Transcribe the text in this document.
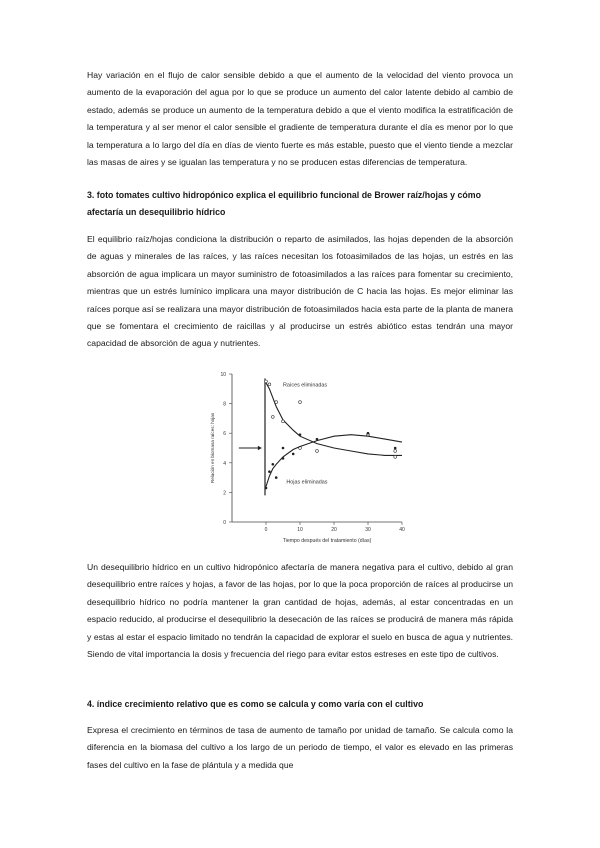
Hay variación en el flujo de calor sensible debido a que el aumento de la velocidad del viento provoca un aumento de la evaporación del agua por lo que se produce un aumento del calor latente debido al cambio de estado, además se produce un aumento de la temperatura debido a que el viento modifica la estratificación de la temperatura y al ser menor el calor sensible el gradiente de temperatura durante el día es menor por lo que la temperatura a lo largo del día en días de viento fuerte es más estable, puesto que el viento tiende a mezclar las masas de aires y se igualan las temperatura y no se producen estas diferencias de temperatura.

3. foto tomates cultivo hidropónico explica el equilibrio funcional de Brower raíz/hojas y cómo afectaría un desequilibrio hídrico

El equilibrio raíz/hojas condiciona la distribución o reparto de asimilados, las hojas dependen de la absorción de aguas y minerales de las raíces, y las raíces necesitan los fotoasimilados de las hojas, un estrés en las absorción de agua implicara un mayor suministro de fotoasimilados a las raíces para fomentar su crecimiento, mientras que un estrés lumínico implicara una mayor distribución de C hacia las hojas. Es mejor eliminar las raíces porque así se realizara una mayor distribución de fotoasimilados hacia esta parte de la planta de manera que se fomentara el crecimiento de raicillas y al producirse un estrés abiótico estas tendrán una mayor capacidad de absorción de agua y nutrientes.

0
2
4
6
8
10
0	10	20	30	40
Tiempo después del tratamiento (días)
Relación en biomasa raíces: hojas
Raíces eliminadas
Hojas eliminadas

Un desequilibrio hídrico en un cultivo hidropónico afectaría de manera negativa para el cultivo, debido al gran desequilibrio entre raíces y hojas, a favor de las hojas, por lo que la poca proporción de raíces al producirse un desequilibrio hídrico no podría mantener la gran cantidad de hojas, además, al estar concentradas en un espacio reducido, al producirse el desequilibrio la desecación de las raíces se producirá de manera más rápida y estas al estar el espacio limitado no tendrán la capacidad de explorar el suelo en busca de agua y nutrientes. Siendo de vital importancia la dosis y frecuencia del riego para evitar estos estreses en este tipo de cultivos.

4. índice crecimiento relativo que es como se calcula y como varía con el cultivo

Expresa el crecimiento en términos de tasa de aumento de tamaño por unidad de tamaño. Se calcula como la diferencia en la biomasa del cultivo a los largo de un periodo de tiempo, el valor es elevado en las primeras fases del cultivo en la fase de plántula y a medida que
